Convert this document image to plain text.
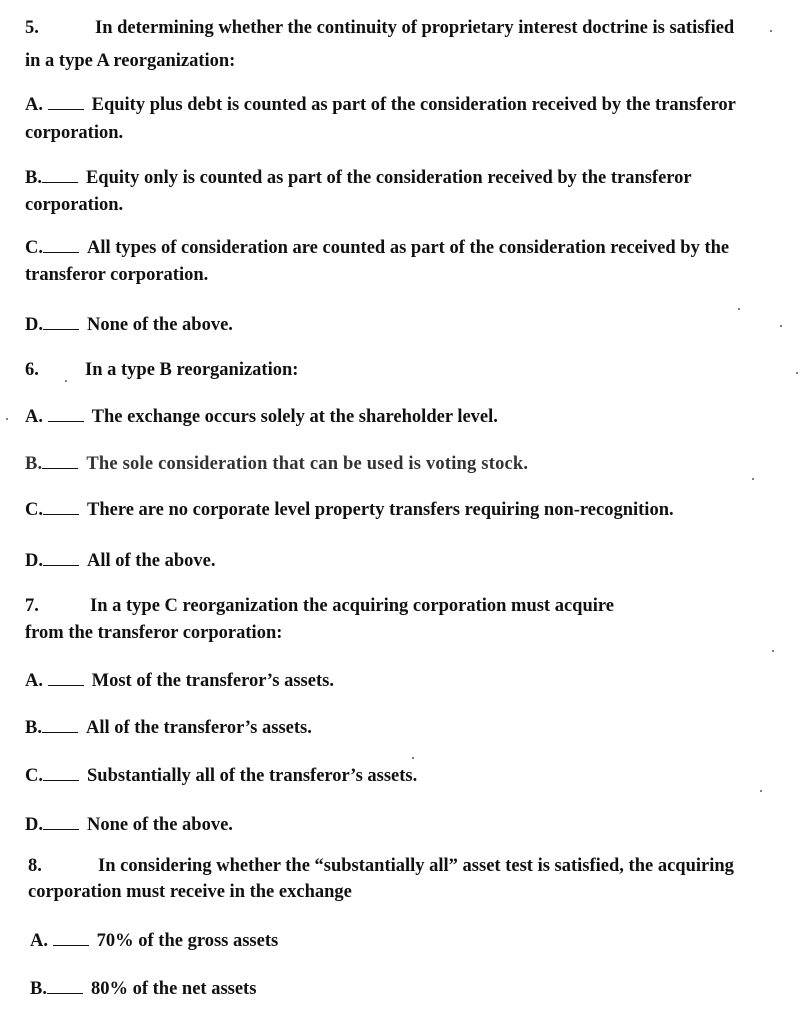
5.	In determining whether the continuity of proprietary interest doctrine is satisfied
in a type A reorganization:
A.	Equity plus debt is counted as part of the consideration received by the transferor
corporation.
B. Equity only is counted as part of the consideration received by the transferor
corporation.
C. All types of consideration are counted as part of the consideration received by the
transferor corporation.
D. None of the above.
6. In a type B reorganization:
A.	The exchange occurs solely at the shareholder level.
B. The sole consideration that can be used is voting stock.
C. There are no corporate level property transfers requiring non-recognition.
D. All of the above.
7.	In a type C reorganization the acquiring corporation must acquire
from the transferor corporation:
A.	Most of the transferor’s assets.
B. All of the transferor’s assets.
C. Substantially all of the transferor’s assets.
D. None of the above.
8.	In considering whether the “substantially all” asset test is satisfied, the acquiring
corporation must receive in the exchange
A.	70% of the gross assets
B. 80% of the net assets
